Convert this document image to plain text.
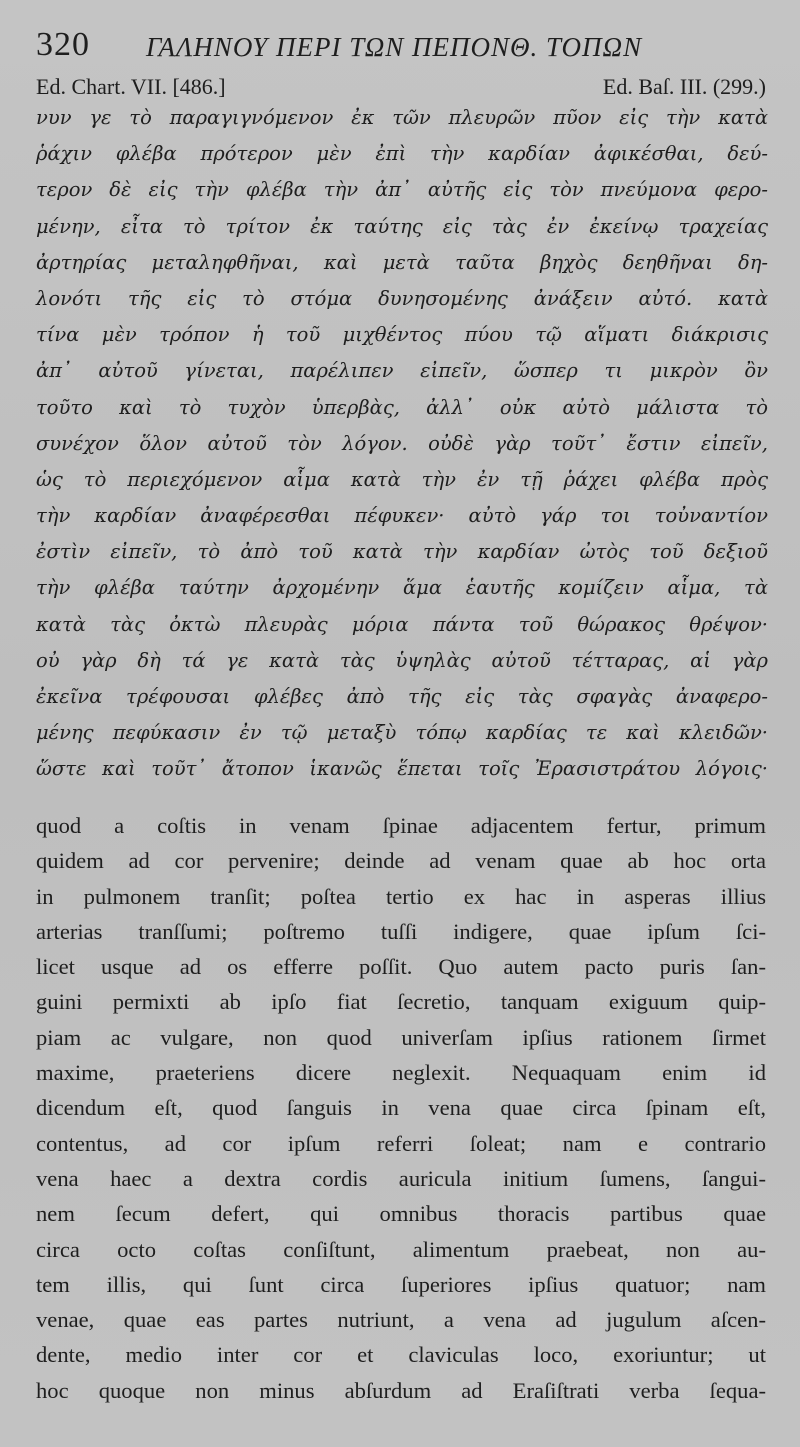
320 ΓΑΛΗΝΟΥ ΠΕΡΙ ΤΩΝ ΠΕΠΟΝΘ. ΤΟΠΩΝ
Ed. Chart. VII. [486.]	Ed. Baſ. III. (299.)
νυν γε τὸ παραγιγνόμενον ἐκ τῶν πλευρῶν πῦον εἰς τὴν κατὰ
ῥάχιν φλέβα πρότερον μὲν ἐπὶ τὴν καρδίαν ἀφικέσθαι, δεύ-
τερον δὲ εἰς τὴν φλέβα τὴν ἀπ᾽ αὐτῆς εἰς τὸν πνεύμονα φερο-
μένην, εἶτα τὸ τρίτον ἐκ ταύτης εἰς τὰς ἐν ἐκείνῳ τραχείας
ἀρτηρίας μεταληφθῆναι, καὶ μετὰ ταῦτα βηχὸς δεηθῆναι δη-
λονότι τῆς εἰς τὸ στόμα δυνησομένης ἀνάξειν αὐτό. κατὰ
τίνα μὲν τρόπον ἡ τοῦ μιχθέντος πύου τῷ αἵματι διάκρισις
ἀπ᾽ αὐτοῦ γίνεται, παρέλιπεν εἰπεῖν, ὥσπερ τι μικρὸν ὂν
τοῦτο καὶ τὸ τυχὸν ὑπερβὰς, ἀλλ᾽ οὐκ αὐτὸ μάλιστα τὸ
συνέχον ὅλον αὐτοῦ τὸν λόγον. οὐδὲ γὰρ τοῦτ᾽ ἔστιν εἰπεῖν,
ὡς τὸ περιεχόμενον αἷμα κατὰ τὴν ἐν τῇ ῥάχει φλέβα πρὸς
τὴν καρδίαν ἀναφέρεσθαι πέφυκεν· αὐτὸ γάρ τοι τοὐναντίον
ἐστὶν εἰπεῖν, τὸ ἀπὸ τοῦ κατὰ τὴν καρδίαν ὠτὸς τοῦ δεξιοῦ
τὴν φλέβα ταύτην ἀρχομένην ἅμα ἑαυτῆς κομίζειν αἷμα, τὰ
κατὰ τὰς ὀκτὼ πλευρὰς μόρια πάντα τοῦ θώρακος θρέψον·
οὐ γὰρ δὴ τά γε κατὰ τὰς ὑψηλὰς αὐτοῦ τέτταρας, αἱ γὰρ
ἐκεῖνα τρέφουσαι φλέβες ἀπὸ τῆς εἰς τὰς σφαγὰς ἀναφερο-
μένης πεφύκασιν ἐν τῷ μεταξὺ τόπῳ καρδίας τε καὶ κλειδῶν·
ὥστε καὶ τοῦτ᾽ ἄτοπον ἱκανῶς ἕπεται τοῖς Ἐρασιστράτου λόγοις·
quod a coſtis in venam ſpinae adjacentem fertur, primum
quidem ad cor pervenire; deinde ad venam quae ab hoc orta
in pulmonem tranſit; poſtea tertio ex hac in asperas illius
arterias tranſſumi; poſtremo tuſſi indigere, quae ipſum ſci-
licet usque ad os efferre poſſit. Quo autem pacto puris ſan-
guini permixti ab ipſo fiat ſecretio, tanquam exiguum quip-
piam ac vulgare, non quod univerſam ipſius rationem ſirmet
maxime, praeteriens dicere neglexit. Nequaquam enim id
dicendum eſt, quod ſanguis in vena quae circa ſpinam eſt,
contentus, ad cor ipſum referri ſoleat; nam e contrario
vena haec a dextra cordis auricula initium ſumens, ſangui-
nem ſecum defert, qui omnibus thoracis partibus quae
circa octo coſtas conſiſtunt, alimentum praebeat, non au-
tem illis, qui ſunt circa ſuperiores ipſius quatuor; nam
venae, quae eas partes nutriunt, a vena ad jugulum aſcen-
dente, medio inter cor et claviculas loco, exoriuntur; ut
hoc quoque non minus abſurdum ad Eraſiſtrati verba ſequa-
